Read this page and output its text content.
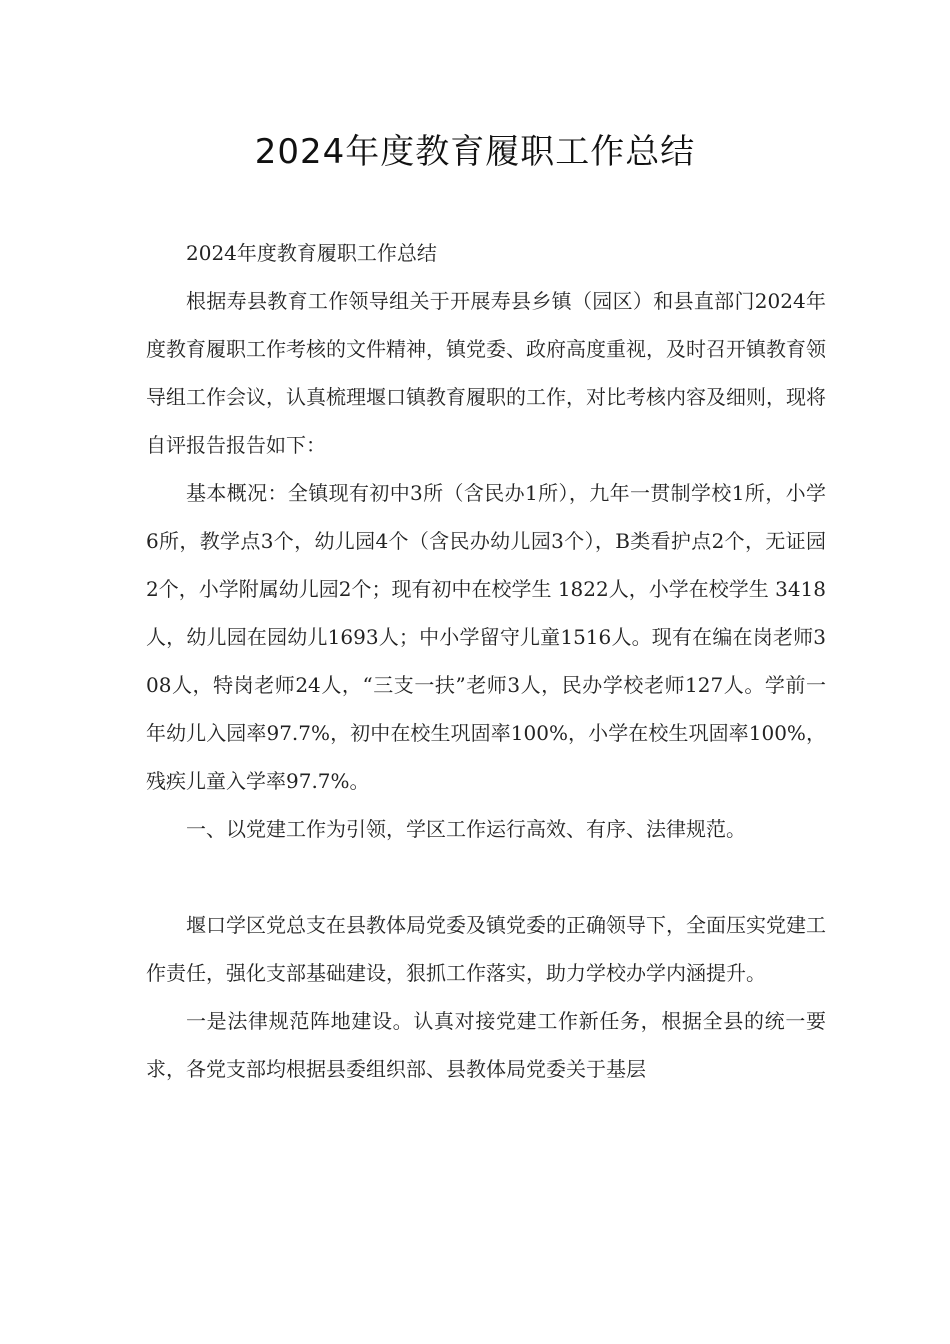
2024年度教育履职工作总结

2024年度教育履职工作总结

根据寿县教育工作领导组关于开展寿县乡镇（园区）和县直部门2024年度教育履职工作考核的文件精神，镇党委、政府高度重视，及时召开镇教育领导组工作会议，认真梳理堰口镇教育履职的工作，对比考核内容及细则，现将自评报告报告如下：

基本概况：全镇现有初中3所（含民办1所），九年一贯制学校1所，小学6所，教学点3个，幼儿园4个（含民办幼儿园3个），B类看护点2个，无证园2个，小学附属幼儿园2个；现有初中在校学生 1822人，小学在校学生 3418 人，幼儿园在园幼儿1693人；中小学留守儿童1516人。现有在编在岗老师308人，特岗老师24人，“三支一扶”老师3人，民办学校老师127人。学前一年幼儿入园率97.7%，初中在校生巩固率100%，小学在校生巩固率100%，残疾儿童入学率97.7%。

一、以党建工作为引领，学区工作运行高效、有序、法律规范。

堰口学区党总支在县教体局党委及镇党委的正确领导下，全面压实党建工作责任，强化支部基础建设，狠抓工作落实，助力学校办学内涵提升。

一是法律规范阵地建设。认真对接党建工作新任务，根据全县的统一要求，各党支部均根据县委组织部、县教体局党委关于基层
